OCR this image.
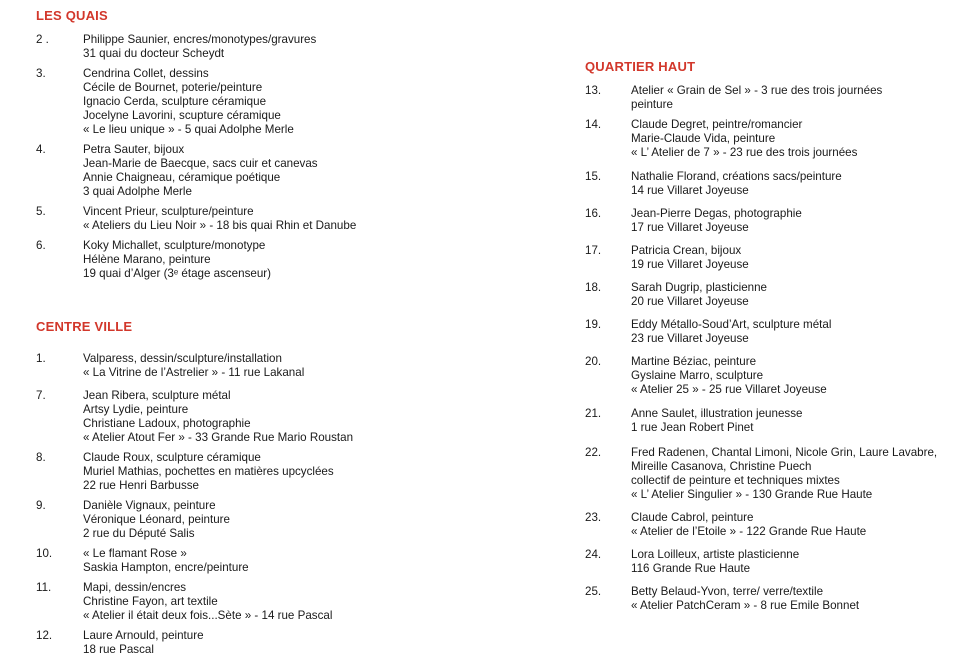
LES QUAIS
2 .	Philippe Saunier, encres/monotypes/gravures
31 quai du docteur Scheydt
3.	Cendrina Collet, dessins
Cécile de Bournet, poterie/peinture
Ignacio Cerda, sculpture céramique
Jocelyne Lavorini, scupture céramique
« Le lieu unique » - 5 quai Adolphe Merle
4.	Petra Sauter, bijoux
Jean-Marie de Baecque, sacs cuir et canevas
Annie Chaigneau, céramique poétique
3 quai Adolphe Merle
5.	Vincent Prieur, sculpture/peinture
« Ateliers du Lieu Noir » - 18 bis quai Rhin et Danube
6.	Koky Michallet, sculpture/monotype
Hélène Marano, peinture
19 quai d’Alger (3ᵉ étage ascenseur)
CENTRE VILLE
1.	Valparess, dessin/sculpture/installation
« La Vitrine de l’Astrelier » - 11 rue Lakanal
7.	Jean Ribera, sculpture métal
Artsy Lydie, peinture
Christiane Ladoux, photographie
« Atelier Atout Fer » - 33 Grande Rue Mario Roustan
8.	Claude Roux, sculpture céramique
Muriel Mathias, pochettes en matières upcyclées
22 rue Henri Barbusse
9.	Danièle Vignaux, peinture
Véronique Léonard, peinture
2 rue du Député Salis
10.	« Le flamant Rose »
Saskia Hampton, encre/peinture
11.	Mapi, dessin/encres
Christine Fayon, art textile
« Atelier il était deux fois...Sète » - 14 rue Pascal
12.	Laure Arnould, peinture
18 rue Pascal
QUARTIER HAUT
13.	Atelier « Grain de Sel » - 3 rue des trois journées
peinture
14.	Claude Degret, peintre/romancier
Marie-Claude Vida, peinture
« L’ Atelier de 7 » - 23 rue des trois journées
15.	Nathalie Florand, créations sacs/peinture
14 rue Villaret Joyeuse
16.	Jean-Pierre Degas, photographie
17 rue Villaret Joyeuse
17.	Patricia Crean, bijoux
19 rue Villaret Joyeuse
18.	Sarah Dugrip, plasticienne
20 rue Villaret Joyeuse
19.	Eddy Métallo-Soud’Art, sculpture métal
23 rue Villaret Joyeuse
20.	Martine Béziac, peinture
Gyslaine Marro, sculpture
« Atelier 25 » - 25 rue Villaret Joyeuse
21.	Anne Saulet, illustration jeunesse
1 rue Jean Robert Pinet
22.	Fred Radenen, Chantal Limoni, Nicole Grin, Laure Lavabre,
Mireille Casanova, Christine Puech
collectif de peinture et techniques mixtes
« L’ Atelier Singulier » - 130 Grande Rue Haute
23.	Claude Cabrol, peinture
« Atelier de l’Etoile » - 122 Grande Rue Haute
24.	Lora Loilleux, artiste plasticienne
116 Grande Rue Haute
25.	Betty Belaud-Yvon, terre/ verre/textile
« Atelier PatchCeram » - 8 rue Emile Bonnet
